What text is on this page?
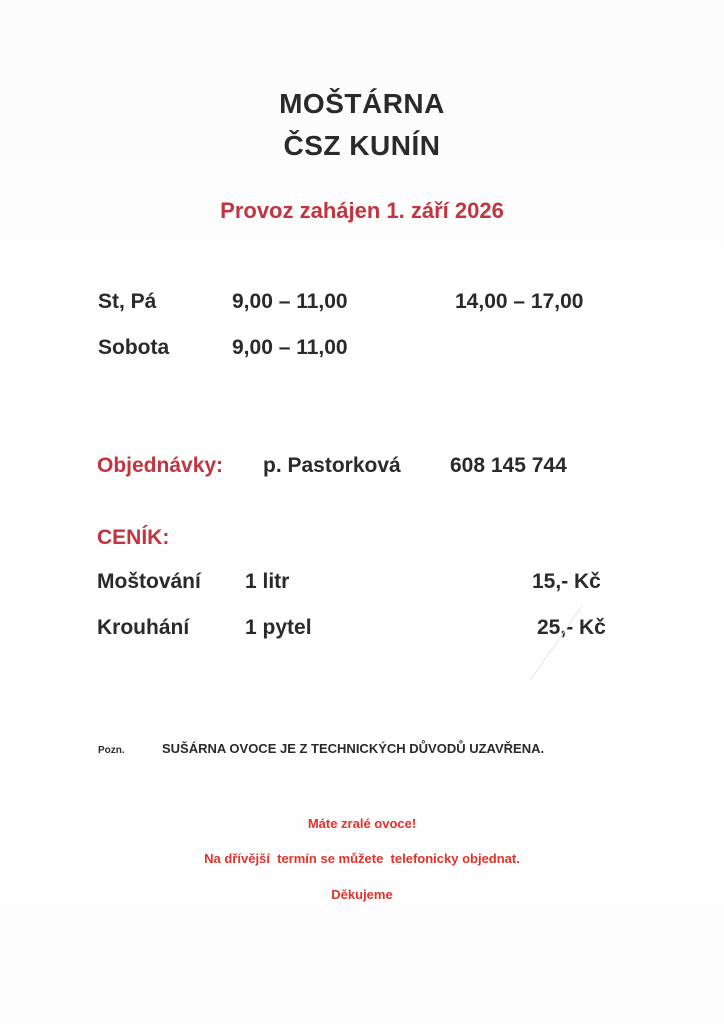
MOŠTÁRNA
ČSZ KUNÍN
Provoz zahájen 1. září 2026
St, Pá	9,00 – 11,00	14,00 – 17,00
Sobota	9,00 – 11,00
Objednávky: p. Pastorková 608 145 744
CENÍK:
Moštování 1 litr	15,- Kč
Krouhání	1 pytel	25,- Kč
Pozn.	SUŠÁRNA OVOCE JE Z TECHNICKÝCH DŮVODŮ UZAVŘENA.
Máte zralé ovoce!
Na dřívější  termín se můžete  telefonicky objednat.
Děkujeme
